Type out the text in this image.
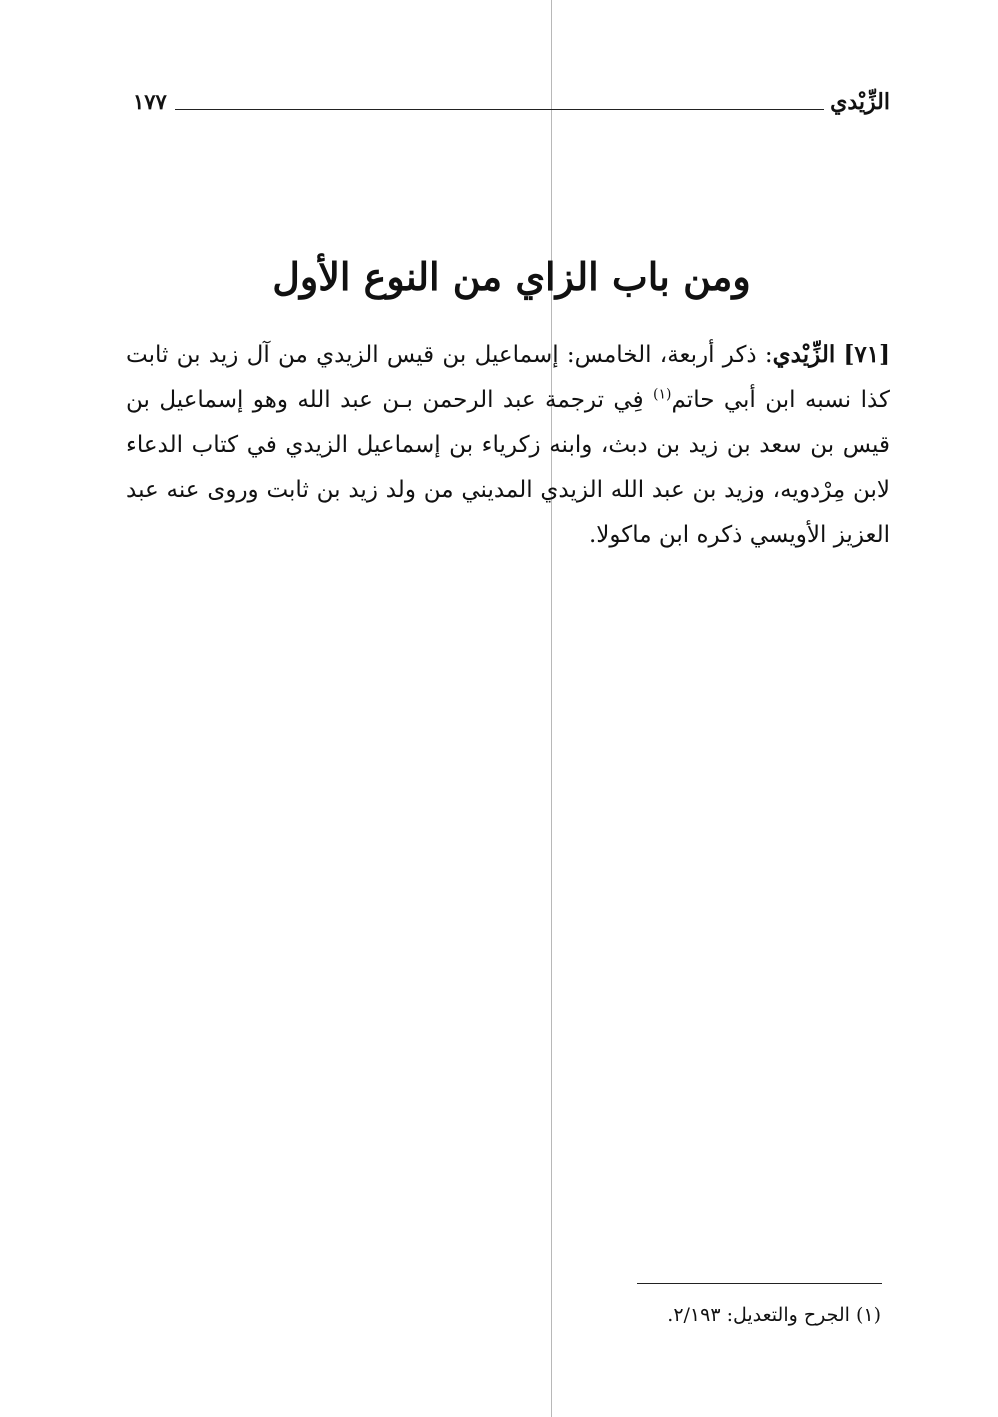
الزِّيْدي
١٧٧
ومن باب الزاي من النوع الأول

[٧١] الزِّيْدي: ذكر أربعة، الخامس: إسماعيل بن قيس الزيدي من آل زيد بن ثابت كذا نسبه ابن أبي حاتم$^{(١)}$ فِي ترجمة عبد الرحمن بـن عبد الله وهو إسماعيل بن قيس بن سعد بن زيد بن دبث، وابنه زكرياء بن إسماعيل الزيدي في كتاب الدعاء لابن مِرْدويه، وزيد بن عبد الله الزيدي المديني من ولد زيد بن ثابت وروى عنه عبد العزيز الأويسي ذكره ابن ماكولا.

(١) الجرح والتعديل: ٢/١٩٣.
